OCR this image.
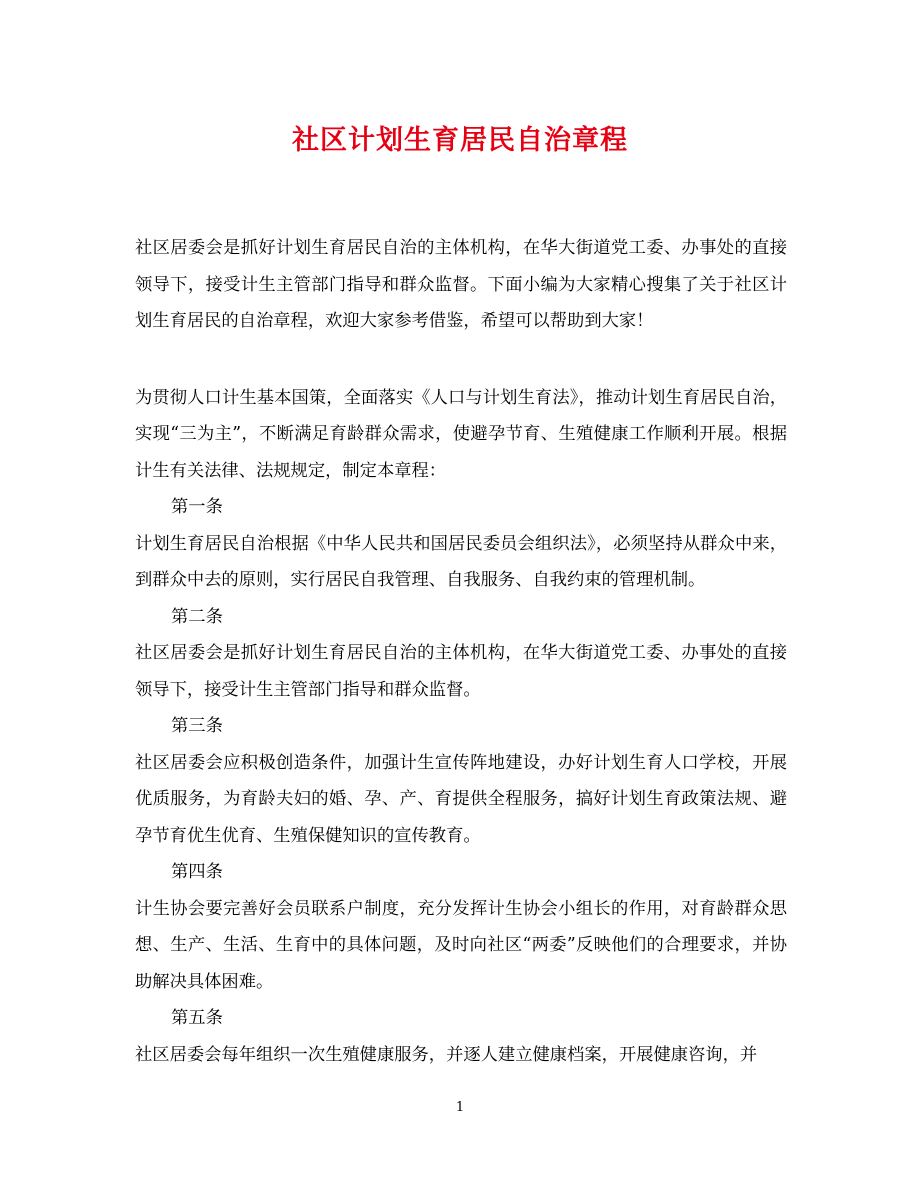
社区计划生育居民自治章程

社区居委会是抓好计划生育居民自治的主体机构，在华大街道党工委、办事处的直接领导下，接受计生主管部门指导和群众监督。下面小编为大家精心搜集了关于社区计划生育居民的自治章程，欢迎大家参考借鉴，希望可以帮助到大家！

为贯彻人口计生基本国策，全面落实《人口与计划生育法》，推动计划生育居民自治，实现“三为主”，不断满足育龄群众需求，使避孕节育、生殖健康工作顺利开展。根据计生有关法律、法规规定，制定本章程：

第一条

计划生育居民自治根据《中华人民共和国居民委员会组织法》，必须坚持从群众中来，到群众中去的原则，实行居民自我管理、自我服务、自我约束的管理机制。

第二条

社区居委会是抓好计划生育居民自治的主体机构，在华大街道党工委、办事处的直接领导下，接受计生主管部门指导和群众监督。

第三条

社区居委会应积极创造条件，加强计生宣传阵地建设，办好计划生育人口学校，开展优质服务，为育龄夫妇的婚、孕、产、育提供全程服务，搞好计划生育政策法规、避孕节育优生优育、生殖保健知识的宣传教育。

第四条

计生协会要完善好会员联系户制度，充分发挥计生协会小组长的作用，对育龄群众思想、生产、生活、生育中的具体问题，及时向社区“两委”反映他们的合理要求，并协助解决具体困难。

第五条

社区居委会每年组织一次生殖健康服务，并逐人建立健康档案，开展健康咨询，并

1
